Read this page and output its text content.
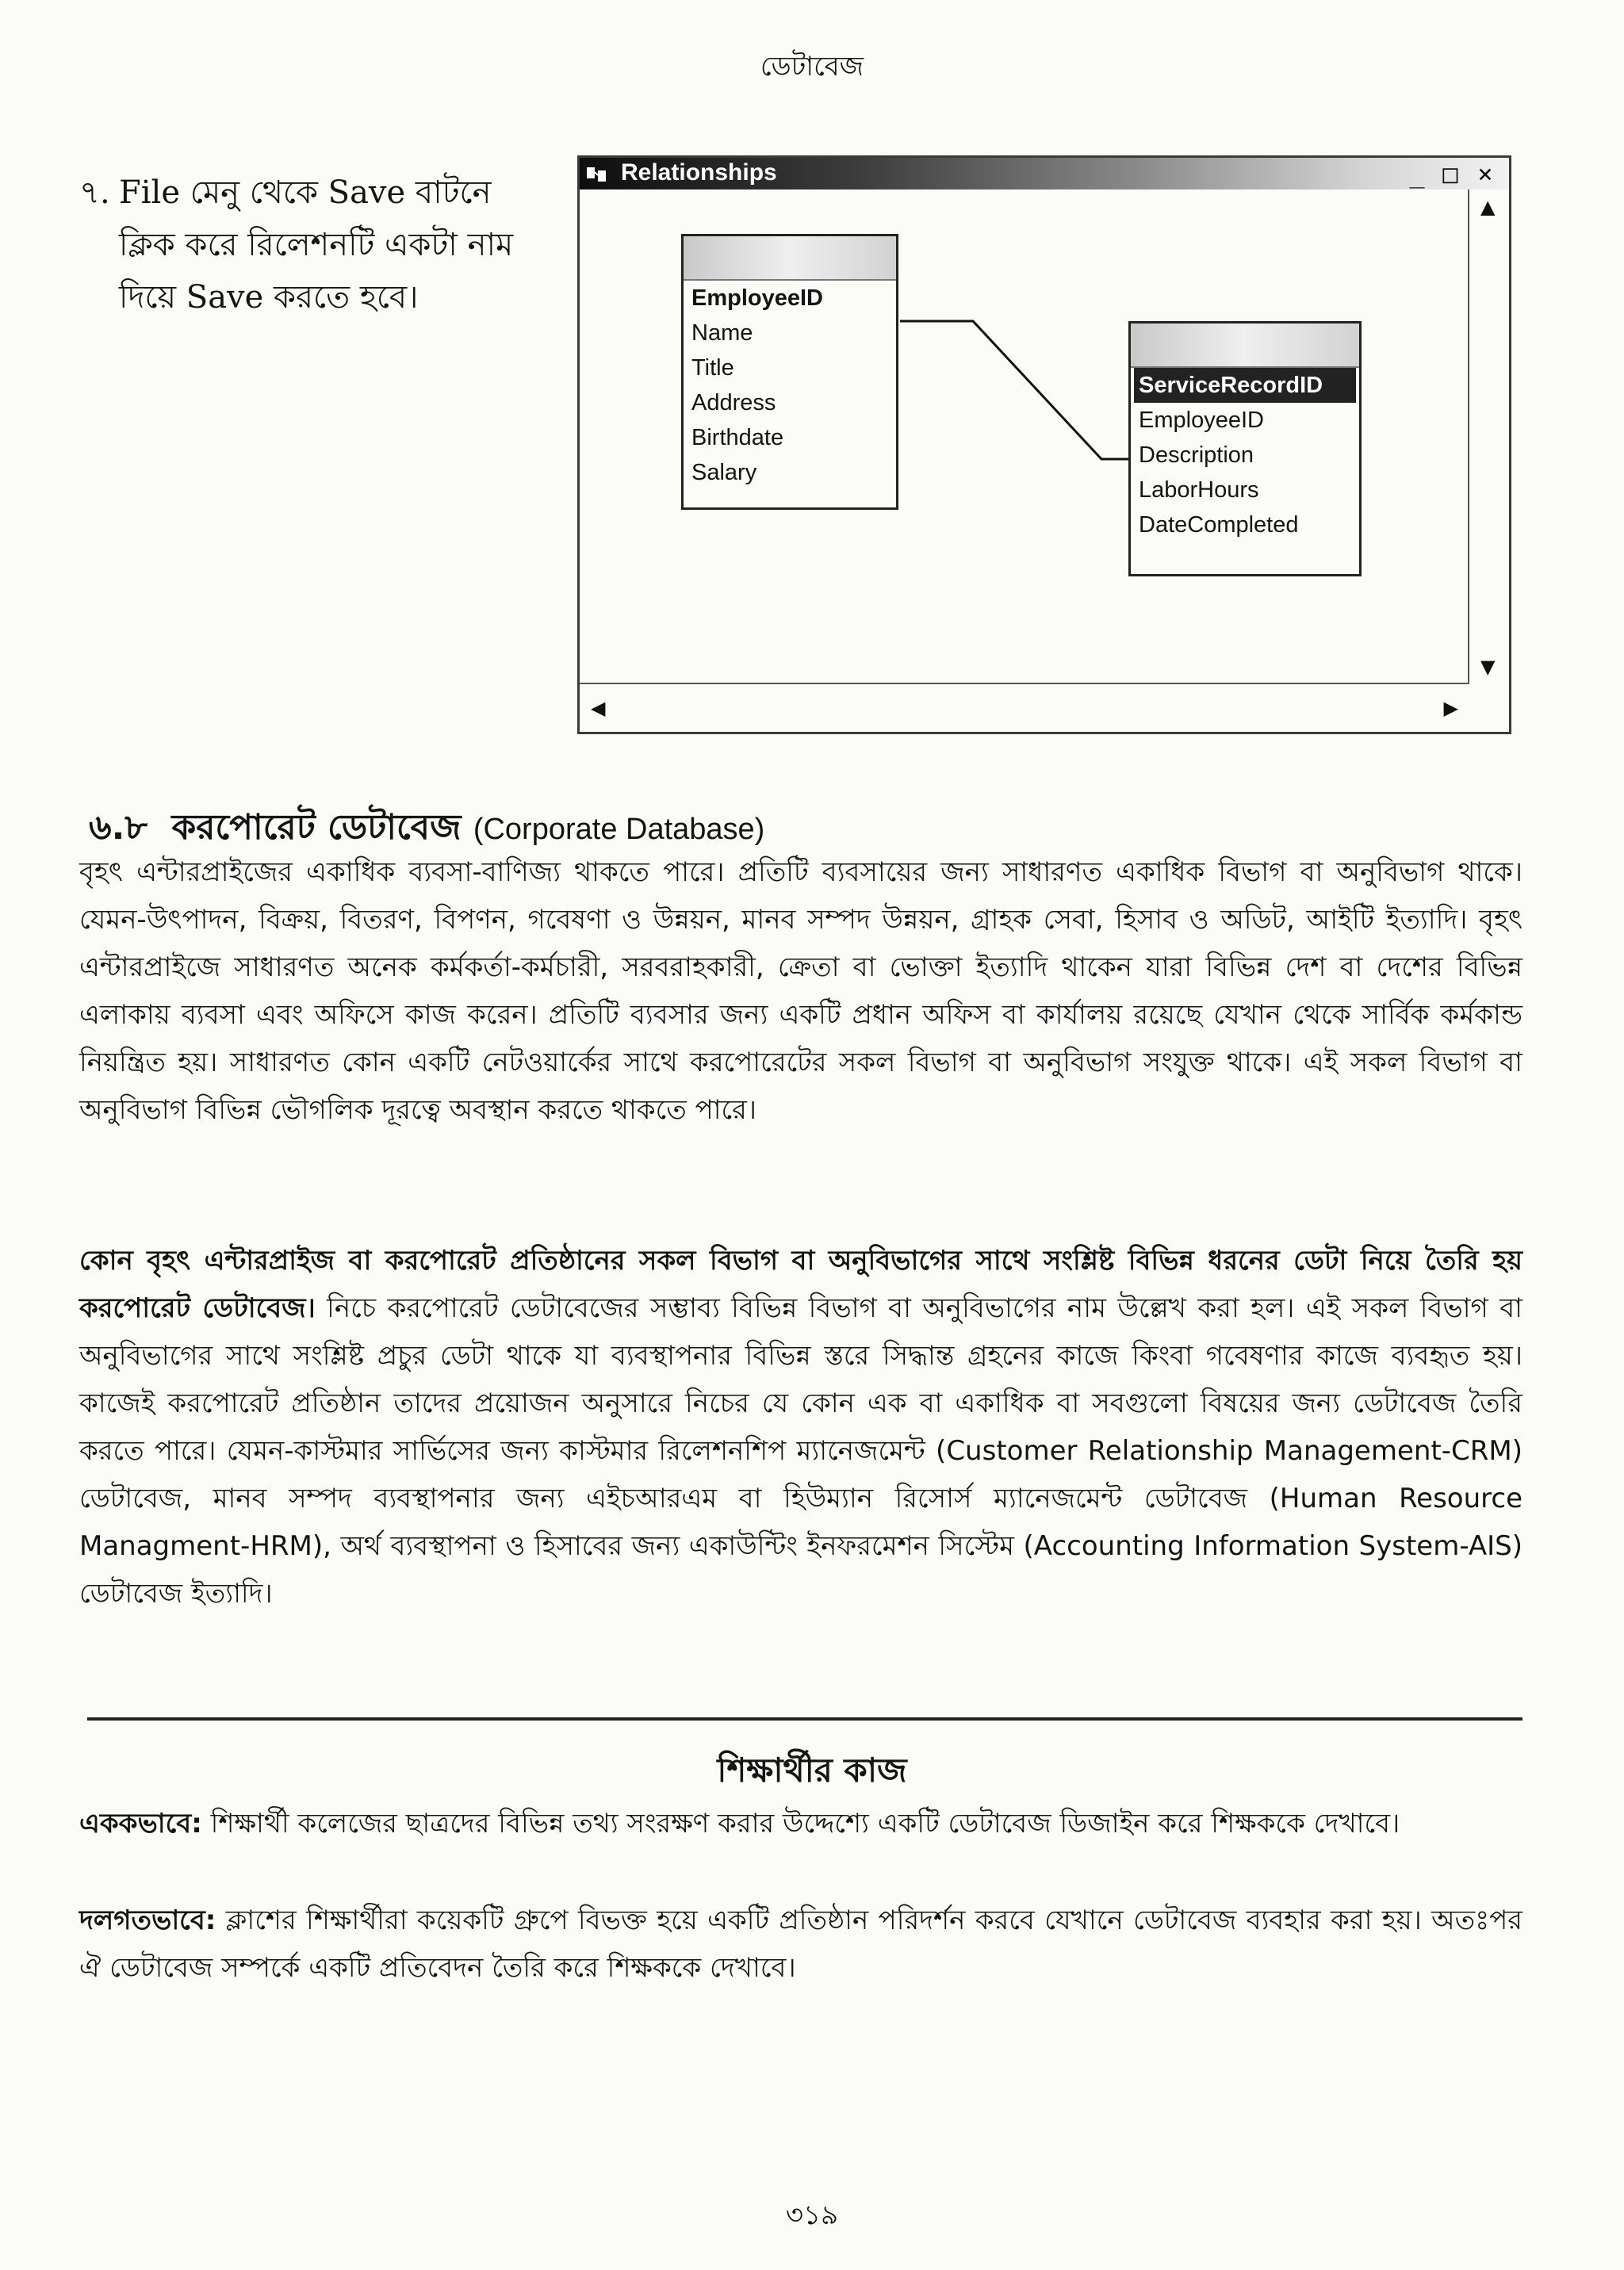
ডেটাবেজ
৭. File মেনু থেকে Save বাটনে ক্লিক করে রিলেশনটি একটা নাম দিয়ে Save করতে হবে।
Relationships	_ □ ×
▲
▼
◀	▶
EmployeeID
Name
Title
Address
Birthdate
Salary
ServiceRecordID
EmployeeID
Description
LaborHours
DateCompleted
৬.৮ করপোরেট ডেটাবেজ (Corporate Database)
বৃহৎ এন্টারপ্রাইজের একাধিক ব্যবসা-বাণিজ্য থাকতে পারে। প্রতিটি ব্যবসায়ের জন্য সাধারণত একাধিক বিভাগ বা অনুবিভাগ থাকে। যেমন-উৎপাদন, বিক্রয়, বিতরণ, বিপণন, গবেষণা ও উন্নয়ন, মানব সম্পদ উন্নয়ন, গ্রাহক সেবা, হিসাব ও অডিট, আইটি ইত্যাদি। বৃহৎ এন্টারপ্রাইজে সাধারণত অনেক কর্মকর্তা-কর্মচারী, সরবরাহকারী, ক্রেতা বা ভোক্তা ইত্যাদি থাকেন যারা বিভিন্ন দেশ বা দেশের বিভিন্ন এলাকায় ব্যবসা এবং অফিসে কাজ করেন। প্রতিটি ব্যবসার জন্য একটি প্রধান অফিস বা কার্যালয় রয়েছে যেখান থেকে সার্বিক কর্মকান্ড নিয়ন্ত্রিত হয়। সাধারণত কোন একটি নেটওয়ার্কের সাথে করপোরেটের সকল বিভাগ বা অনুবিভাগ সংযুক্ত থাকে। এই সকল বিভাগ বা অনুবিভাগ বিভিন্ন ভৌগলিক দূরত্বে অবস্থান করতে থাকতে পারে।
কোন বৃহৎ এন্টারপ্রাইজ বা করপোরেট প্রতিষ্ঠানের সকল বিভাগ বা অনুবিভাগের সাথে সংশ্লিষ্ট বিভিন্ন ধরনের ডেটা নিয়ে তৈরি হয় করপোরেট ডেটাবেজ। নিচে করপোরেট ডেটাবেজের সম্ভাব্য বিভিন্ন বিভাগ বা অনুবিভাগের নাম উল্লেখ করা হল। এই সকল বিভাগ বা অনুবিভাগের সাথে সংশ্লিষ্ট প্রচুর ডেটা থাকে যা ব্যবস্থাপনার বিভিন্ন স্তরে সিদ্ধান্ত গ্রহনের কাজে কিংবা গবেষণার কাজে ব্যবহৃত হয়। কাজেই করপোরেট প্রতিষ্ঠান তাদের প্রয়োজন অনুসারে নিচের যে কোন এক বা একাধিক বা সবগুলো বিষয়ের জন্য ডেটাবেজ তৈরি করতে পারে। যেমন-কাস্টমার সার্ভিসের জন্য কাস্টমার রিলেশনশিপ ম্যানেজমেন্ট (Customer Relationship Management-CRM) ডেটাবেজ, মানব সম্পদ ব্যবস্থাপনার জন্য এইচআরএম বা হিউম্যান রিসোর্স ম্যানেজমেন্ট ডেটাবেজ (Human Resource Managment-HRM), অর্থ ব্যবস্থাপনা ও হিসাবের জন্য একাউন্টিং ইনফরমেশন সিস্টেম (Accounting Information System-AIS) ডেটাবেজ ইত্যাদি।
শিক্ষার্থীর কাজ
এককভাবে: শিক্ষার্থী কলেজের ছাত্রদের বিভিন্ন তথ্য সংরক্ষণ করার উদ্দেশ্যে একটি ডেটাবেজ ডিজাইন করে শিক্ষককে দেখাবে।
দলগতভাবে: ক্লাশের শিক্ষার্থীরা কয়েকটি গ্রুপে বিভক্ত হয়ে একটি প্রতিষ্ঠান পরিদর্শন করবে যেখানে ডেটাবেজ ব্যবহার করা হয়। অতঃপর ঐ ডেটাবেজ সম্পর্কে একটি প্রতিবেদন তৈরি করে শিক্ষককে দেখাবে।
৩১৯
